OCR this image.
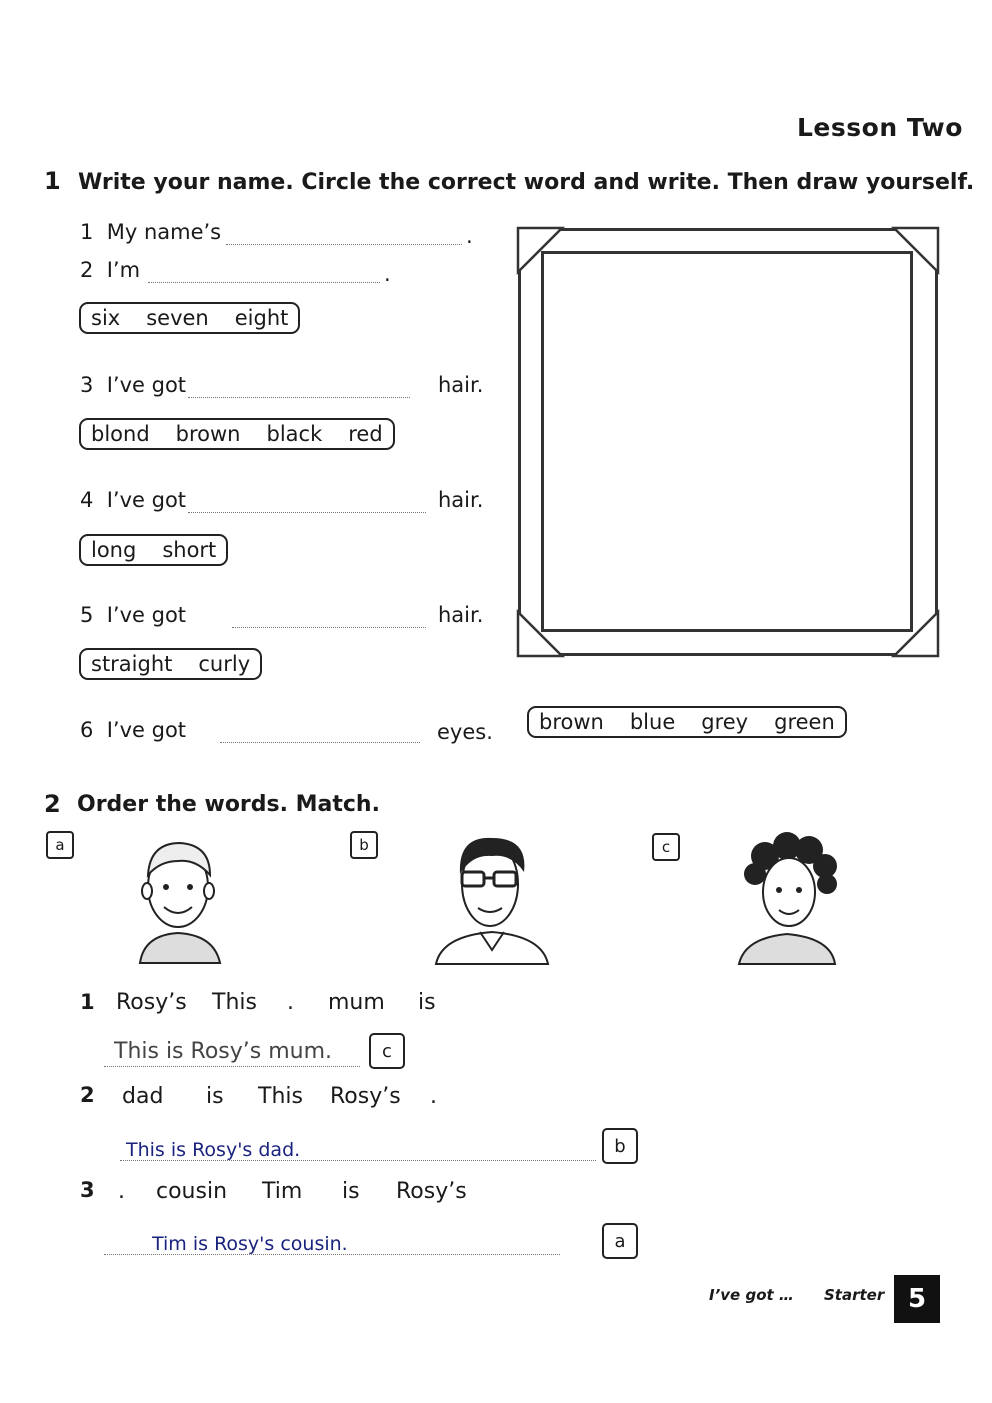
Lesson Two
1 Write your name. Circle the correct word and write. Then draw yourself.
1 My name’s	.
2 I’m	.
six seven eight
3 I’ve got	hair.
blond brown black red
4 I’ve got	hair.
long short
5 I’ve got	hair.
straight curly
6 I’ve got	eyes. brown blue grey green
2 Order the words. Match.
a	b	c
1 Rosy’s This . mum is
This is Rosy’s mum.	c
2 dad is This Rosy’s .
This is Rosy's dad.	b
3 . cousin Tim is Rosy’s
Tim is Rosy's cousin.	a
I’ve got … Starter 5
